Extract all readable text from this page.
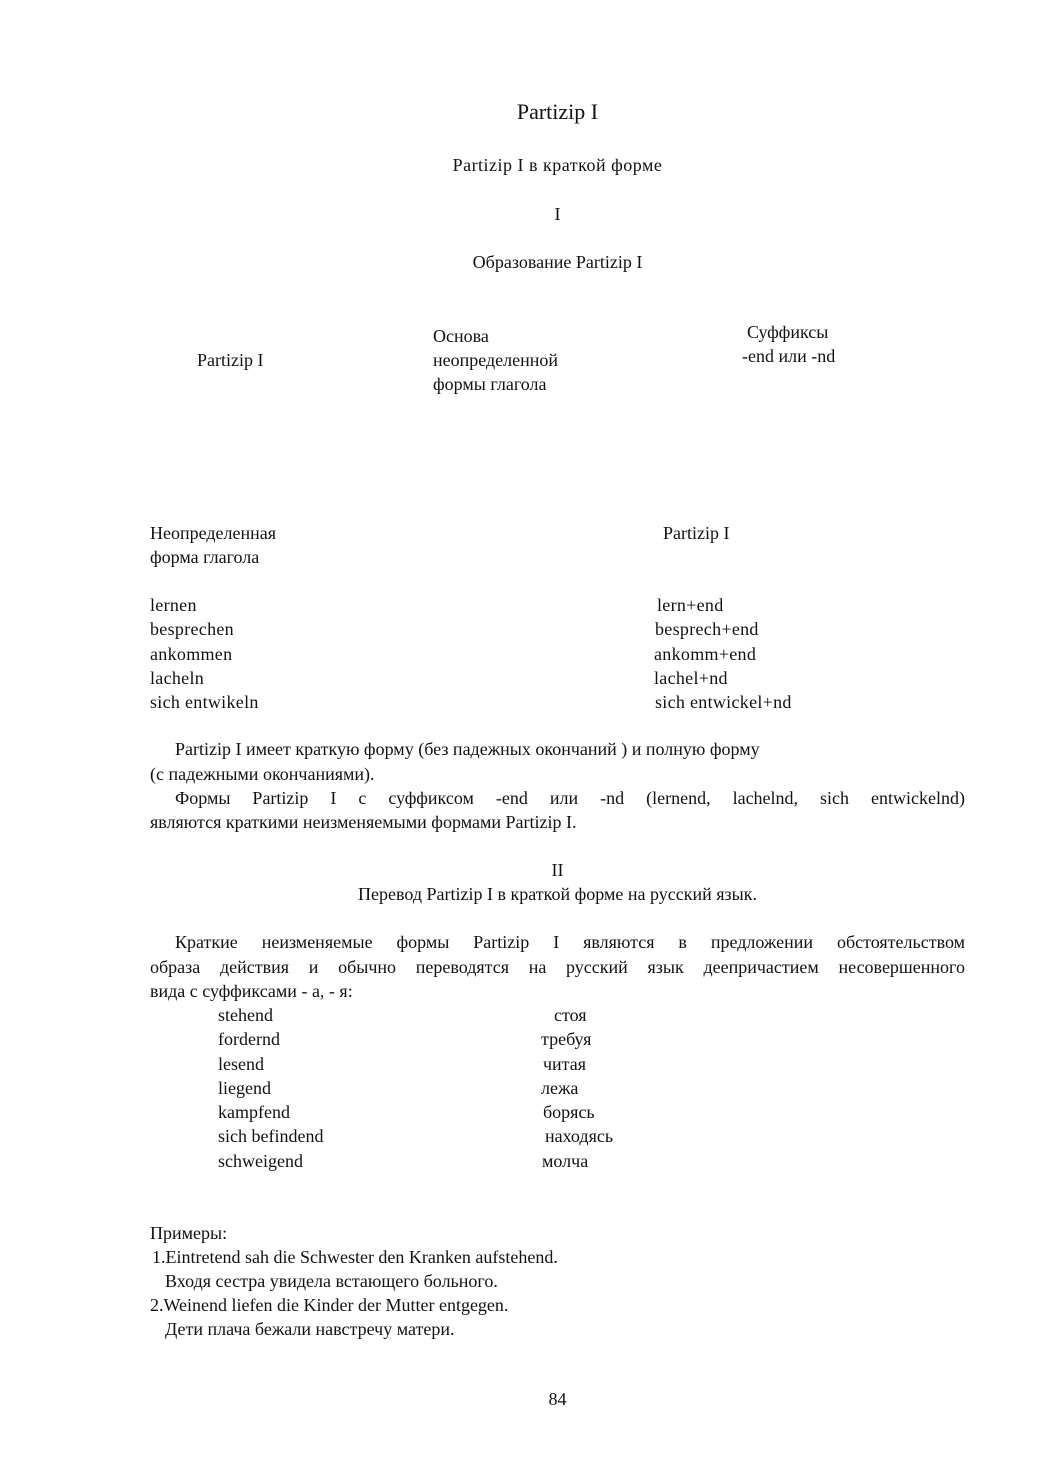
Partizip I
Partizip I в краткой форме
I
Образование Partizip I
Partizip I
Основа
неопределенной
формы глагола
Суффиксы
-end или -nd
Неопределенная
форма глагола
Partizip I
lernen
besprechen
ankommen
lacheln
sich entwikeln
lern+end
besprech+end
ankomm+end
lachel+nd
sich entwickel+nd
Partizip I имеет краткую форму (без падежных окончаний ) и полную форму
(с падежными окончаниями).
Формы Partizip I с суффиксом -end или -nd (lernend, lachelnd, sich entwickelnd)
являются краткими неизменяемыми формами Partizip I.
II
Перевод Partizip I в краткой форме на русский язык.
Краткие неизменяемые формы Partizip I являются в предложении обстоятельством
образа действия и обычно переводятся на русский язык деепричастием несовершенного
вида с суффиксами - а, - я:
stehend
fordernd
lesend
liegend
kampfend
sich befindend
schweigend
стоя
требуя
читая
лежа
борясь
находясь
молча
Примеры:
1.Eintretend sah die Schwester den Kranken aufstehend.
Входя сестра увидела встающего больного.
2.Weinend liefen die Kinder der Mutter entgegen.
Дети плача бежали навстречу матери.
84
